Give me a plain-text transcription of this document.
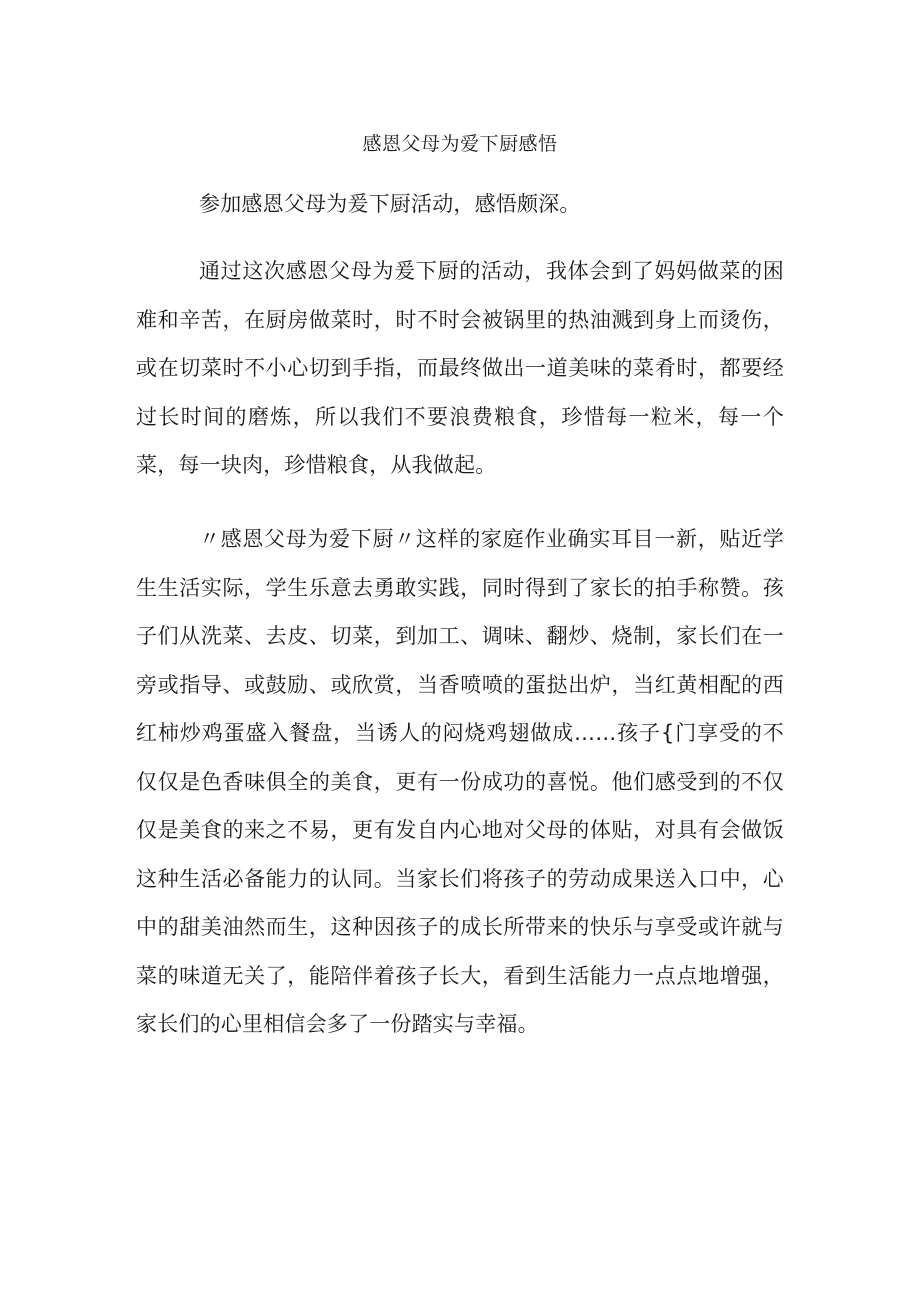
感恩父母为爱下厨感悟

参加感恩父母为爰下厨活动，感悟颇深。

通过这次感恩父母为爰下厨的活动，我体会到了妈妈做菜的困难和辛苦，在厨房做菜时，时不时会被锅里的热油溅到身上而烫伤，或在切菜时不小心切到手指，而最终做出一道美味的菜肴时，都要经过长时间的磨炼，所以我们不要浪费粮食，珍惜每一粒米，每一个菜，每一块肉，珍惜粮食，从我做起。

〃感恩父母为爱下厨〃这样的家庭作业确实耳目一新，贴近学生生活实际，学生乐意去勇敢实践，同时得到了家长的拍手称赞。孩子们从洗菜、去皮、切菜，到加工、调味、翻炒、烧制，家长们在一旁或指导、或鼓励、或欣赏，当香喷喷的蛋挞出炉，当红黄相配的西红柿炒鸡蛋盛入餐盘，当诱人的闷烧鸡翅做成……孩子{门享受的不仅仅是色香味俱全的美食，更有一份成功的喜悦。他们感受到的不仅仅是美食的来之不易，更有发自内心地对父母的体贴，对具有会做饭这种生活必备能力的认同。当家长们将孩子的劳动成果送入口中，心中的甜美油然而生，这种因孩子的成长所带来的快乐与享受或许就与菜的味道无关了，能陪伴着孩子长大，看到生活能力一点点地增强，家长们的心里相信会多了一份踏实与幸福。
